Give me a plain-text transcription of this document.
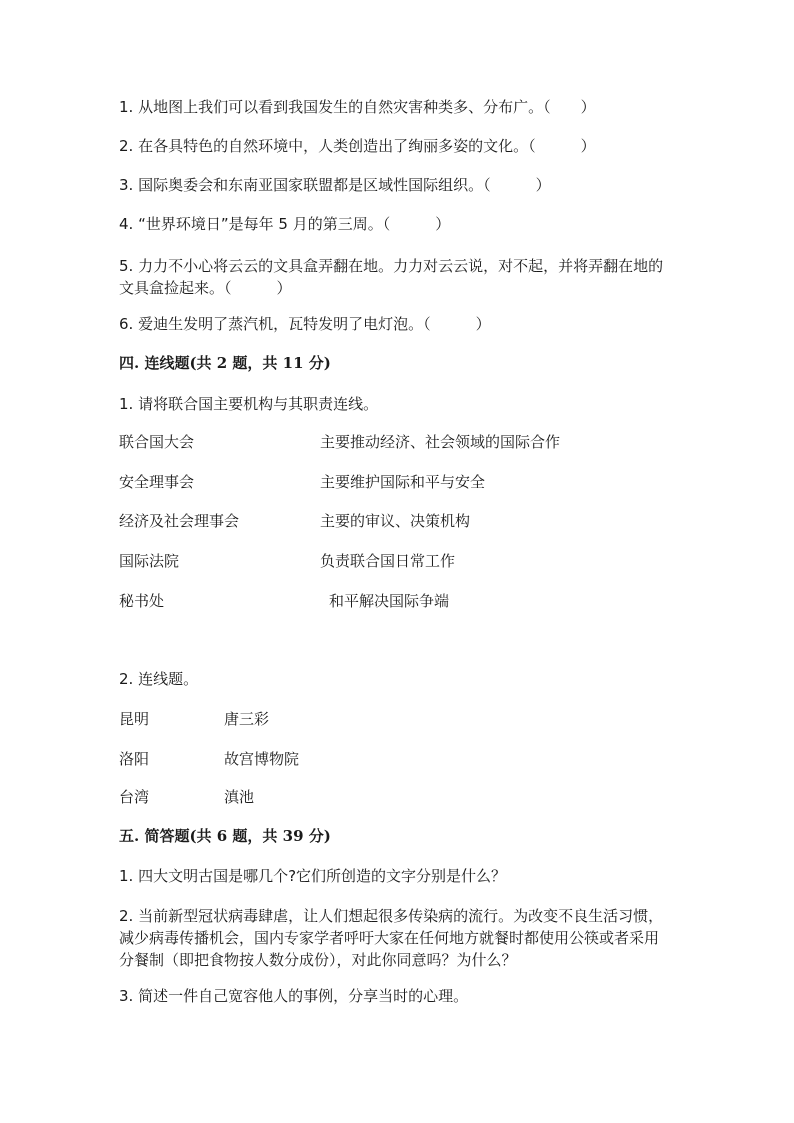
1. 从地图上我们可以看到我国发生的自然灾害种类多、分布广。（　　）
2. 在各具特色的自然环境中，人类创造出了绚丽多姿的文化。（　　　）
3. 国际奥委会和东南亚国家联盟都是区域性国际组织。（　　　）
4. “世界环境日”是每年 5 月的第三周。（　　　）
5. 力力不小心将云云的文具盒弄翻在地。力力对云云说，对不起，并将弄翻在地的文具盒捡起来。（　　　）
6. 爱迪生发明了蒸汽机，瓦特发明了电灯泡。（　　　）
四. 连线题(共 2 题，共 11 分)
1. 请将联合国主要机构与其职责连线。
联合国大会	主要推动经济、社会领域的国际合作
安全理事会	主要维护国际和平与安全
经济及社会理事会	主要的审议、决策机构
国际法院	负责联合国日常工作
秘书处	和平解决国际争端
2. 连线题。
昆明	唐三彩
洛阳	故宫博物院
台湾	滇池
五. 简答题(共 6 题，共 39 分)
1. 四大文明古国是哪几个?它们所创造的文字分别是什么？
2. 当前新型冠状病毒肆虐，让人们想起很多传染病的流行。为改变不良生活习惯，减少病毒传播机会，国内专家学者呼吁大家在任何地方就餐时都使用公筷或者采用分餐制（即把食物按人数分成份），对此你同意吗？为什么？
3. 简述一件自己宽容他人的事例，分享当时的心理。
